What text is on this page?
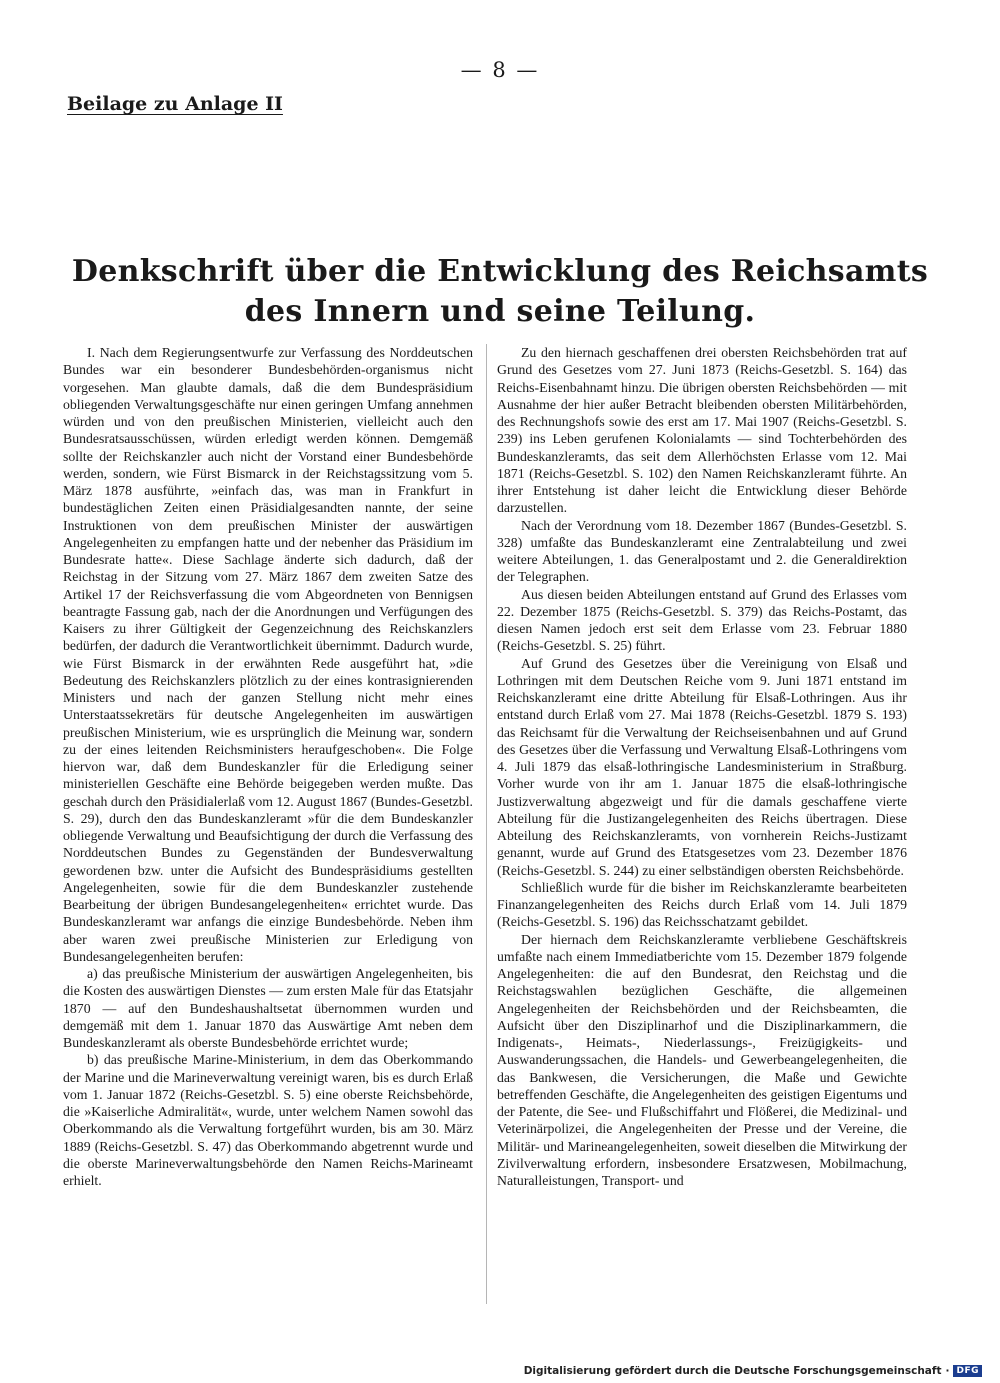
— 8 —
Beilage zu Anlage II
Denkschrift über die Entwicklung des Reichsamts des Innern und seine Teilung.

I. Nach dem Regierungsentwurfe zur Verfassung des Norddeutschen Bundes war ein besonderer Bundesbehörden-organismus nicht vorgesehen. Man glaubte damals, daß die dem Bundespräsidium obliegenden Verwaltungsgeschäfte nur einen geringen Umfang annehmen würden und von den preußischen Ministerien, vielleicht auch den Bundesratsausschüssen, würden erledigt werden können. Demgemäß sollte der Reichskanzler auch nicht der Vorstand einer Bundesbehörde werden, sondern, wie Fürst Bismarck in der Reichstagssitzung vom 5. März 1878 ausführte, »einfach das, was man in Frankfurt in bundestäglichen Zeiten einen Präsidialgesandten nannte, der seine Instruktionen von dem preußischen Minister der auswärtigen Angelegenheiten zu empfangen hatte und der nebenher das Präsidium im Bundesrate hatte«. Diese Sachlage änderte sich dadurch, daß der Reichstag in der Sitzung vom 27. März 1867 dem zweiten Satze des Artikel 17 der Reichsverfassung die vom Abgeordneten von Bennigsen beantragte Fassung gab, nach der die Anordnungen und Verfügungen des Kaisers zu ihrer Gültigkeit der Gegenzeichnung des Reichskanzlers bedürfen, der dadurch die Verantwortlichkeit übernimmt. Dadurch wurde, wie Fürst Bismarck in der erwähnten Rede ausgeführt hat, »die Bedeutung des Reichskanzlers plötzlich zu der eines kontrasignierenden Ministers und nach der ganzen Stellung nicht mehr eines Unterstaatssekretärs für deutsche Angelegenheiten im auswärtigen preußischen Ministerium, wie es ursprünglich die Meinung war, sondern zu der eines leitenden Reichsministers heraufgeschoben«. Die Folge hiervon war, daß dem Bundeskanzler für die Erledigung seiner ministeriellen Geschäfte eine Behörde beigegeben werden mußte. Das geschah durch den Präsidialerlaß vom 12. August 1867 (Bundes-Gesetzbl. S. 29), durch den das Bundeskanzleramt »für die dem Bundeskanzler obliegende Verwaltung und Beaufsichtigung der durch die Verfassung des Norddeutschen Bundes zu Gegenständen der Bundesverwaltung gewordenen bzw. unter die Aufsicht des Bundespräsidiums gestellten Angelegenheiten, sowie für die dem Bundeskanzler zustehende Bearbeitung der übrigen Bundesangelegenheiten« errichtet wurde. Das Bundeskanzleramt war anfangs die einzige Bundesbehörde. Neben ihm aber waren zwei preußische Ministerien zur Erledigung von Bundesangelegenheiten berufen:

a) das preußische Ministerium der auswärtigen Angelegenheiten, bis die Kosten des auswärtigen Dienstes — zum ersten Male für das Etatsjahr 1870 — auf den Bundeshaushaltsetat übernommen wurden und demgemäß mit dem 1. Januar 1870 das Auswärtige Amt neben dem Bundeskanzleramt als oberste Bundesbehörde errichtet wurde;

b) das preußische Marine-Ministerium, in dem das Oberkommando der Marine und die Marineverwaltung vereinigt waren, bis es durch Erlaß vom 1. Januar 1872 (Reichs-Gesetzbl. S. 5) eine oberste Reichsbehörde, die »Kaiserliche Admiralität«, wurde, unter welchem Namen sowohl das Oberkommando als die Verwaltung fortgeführt wurden, bis am 30. März 1889 (Reichs-Gesetzbl. S. 47) das Oberkommando abgetrennt wurde und die oberste Marineverwaltungsbehörde den Namen Reichs-Marineamt erhielt.

Zu den hiernach geschaffenen drei obersten Reichsbehörden trat auf Grund des Gesetzes vom 27. Juni 1873 (Reichs-Gesetzbl. S. 164) das Reichs-Eisenbahnamt hinzu. Die übrigen obersten Reichsbehörden — mit Ausnahme der hier außer Betracht bleibenden obersten Militärbehörden, des Rechnungshofs sowie des erst am 17. Mai 1907 (Reichs-Gesetzbl. S. 239) ins Leben gerufenen Kolonialamts — sind Tochterbehörden des Bundeskanzleramts, das seit dem Allerhöchsten Erlasse vom 12. Mai 1871 (Reichs-Gesetzbl. S. 102) den Namen Reichskanzleramt führte. An ihrer Entstehung ist daher leicht die Entwicklung dieser Behörde darzustellen.

Nach der Verordnung vom 18. Dezember 1867 (Bundes-Gesetzbl. S. 328) umfaßte das Bundeskanzleramt eine Zentralabteilung und zwei weitere Abteilungen, 1. das Generalpostamt und 2. die Generaldirektion der Telegraphen.

Aus diesen beiden Abteilungen entstand auf Grund des Erlasses vom 22. Dezember 1875 (Reichs-Gesetzbl. S. 379) das Reichs-Postamt, das diesen Namen jedoch erst seit dem Erlasse vom 23. Februar 1880 (Reichs-Gesetzbl. S. 25) führt.

Auf Grund des Gesetzes über die Vereinigung von Elsaß und Lothringen mit dem Deutschen Reiche vom 9. Juni 1871 entstand im Reichskanzleramt eine dritte Abteilung für Elsaß-Lothringen. Aus ihr entstand durch Erlaß vom 27. Mai 1878 (Reichs-Gesetzbl. 1879 S. 193) das Reichsamt für die Verwaltung der Reichseisenbahnen und auf Grund des Gesetzes über die Verfassung und Verwaltung Elsaß-Lothringens vom 4. Juli 1879 das elsaß-lothringische Landesministerium in Straßburg. Vorher wurde von ihr am 1. Januar 1875 die elsaß-lothringische Justizverwaltung abgezweigt und für die damals geschaffene vierte Abteilung für die Justizangelegenheiten des Reichs übertragen. Diese Abteilung des Reichskanzleramts, von vornherein Reichs-Justizamt genannt, wurde auf Grund des Etatsgesetzes vom 23. Dezember 1876 (Reichs-Gesetzbl. S. 244) zu einer selbständigen obersten Reichsbehörde.

Schließlich wurde für die bisher im Reichskanzleramte bearbeiteten Finanzangelegenheiten des Reichs durch Erlaß vom 14. Juli 1879 (Reichs-Gesetzbl. S. 196) das Reichsschatzamt gebildet.

Der hiernach dem Reichskanzleramte verbliebene Geschäftskreis umfaßte nach einem Immediatberichte vom 15. Dezember 1879 folgende Angelegenheiten: die auf den Bundesrat, den Reichstag und die Reichstagswahlen bezüglichen Geschäfte, die allgemeinen Angelegenheiten der Reichsbehörden und der Reichsbeamten, die Aufsicht über den Disziplinarhof und die Disziplinarkammern, die Indigenats-, Heimats-, Niederlassungs-, Freizügigkeits- und Auswanderungssachen, die Handels- und Gewerbeangelegenheiten, die das Bankwesen, die Versicherungen, die Maße und Gewichte betreffenden Geschäfte, die Angelegenheiten des geistigen Eigentums und der Patente, die See- und Flußschiffahrt und Flößerei, die Medizinal- und Veterinärpolizei, die Angelegenheiten der Presse und der Vereine, die Militär- und Marineangelegenheiten, soweit dieselben die Mitwirkung der Zivilverwaltung erfordern, insbesondere Ersatzwesen, Mobilmachung, Naturalleistungen, Transport- und

Digitalisierung gefördert durch die Deutsche Forschungsgemeinschaft · DFG
